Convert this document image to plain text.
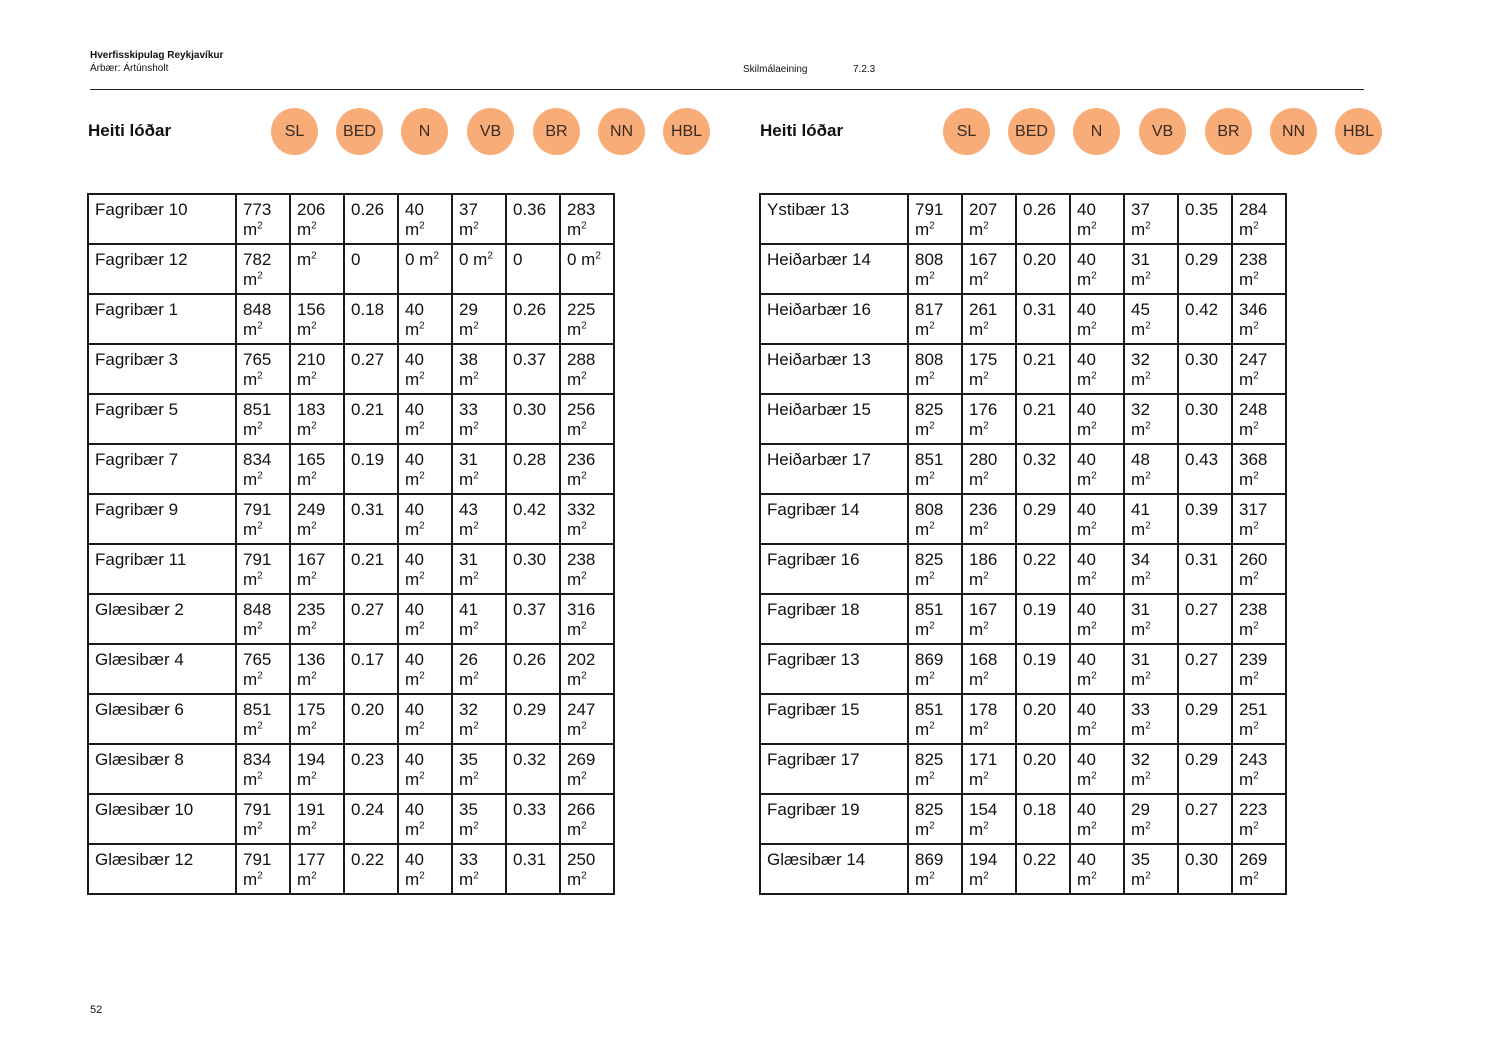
Hverfisskipulag Reykjavíkur
Árbær: Ártúnsholt	Skilmálaeining	7.2.3
Heiti lóðar	SL	BED	N	VB	BR	NN	HBL
Fagribær 10	773 $m^2$	206 $m^2$	0.26	40 $m^2$	37 $m^2$	0.36	283 $m^2$
Fagribær 12	782 $m^2$	$m^2$	0	0 $m^2$	0 $m^2$	0	0 $m^2$
Fagribær 1	848 $m^2$	156 $m^2$	0.18	40 $m^2$	29 $m^2$	0.26	225 $m^2$
Fagribær 3	765 $m^2$	210 $m^2$	0.27	40 $m^2$	38 $m^2$	0.37	288 $m^2$
Fagribær 5	851 $m^2$	183 $m^2$	0.21	40 $m^2$	33 $m^2$	0.30	256 $m^2$
Fagribær 7	834 $m^2$	165 $m^2$	0.19	40 $m^2$	31 $m^2$	0.28	236 $m^2$
Fagribær 9	791 $m^2$	249 $m^2$	0.31	40 $m^2$	43 $m^2$	0.42	332 $m^2$
Fagribær 11	791 $m^2$	167 $m^2$	0.21	40 $m^2$	31 $m^2$	0.30	238 $m^2$
Glæsibær 2	848 $m^2$	235 $m^2$	0.27	40 $m^2$	41 $m^2$	0.37	316 $m^2$
Glæsibær 4	765 $m^2$	136 $m^2$	0.17	40 $m^2$	26 $m^2$	0.26	202 $m^2$
Glæsibær 6	851 $m^2$	175 $m^2$	0.20	40 $m^2$	32 $m^2$	0.29	247 $m^2$
Glæsibær 8	834 $m^2$	194 $m^2$	0.23	40 $m^2$	35 $m^2$	0.32	269 $m^2$
Glæsibær 10	791 $m^2$	191 $m^2$	0.24	40 $m^2$	35 $m^2$	0.33	266 $m^2$
Glæsibær 12	791 $m^2$	177 $m^2$	0.22	40 $m^2$	33 $m^2$	0.31	250 $m^2$
Heiti lóðar	SL	BED	N	VB	BR	NN	HBL
Ystibær 13	791 $m^2$	207 $m^2$	0.26	40 $m^2$	37 $m^2$	0.35	284 $m^2$
Heiðarbær 14	808 $m^2$	167 $m^2$	0.20	40 $m^2$	31 $m^2$	0.29	238 $m^2$
Heiðarbær 16	817 $m^2$	261 $m^2$	0.31	40 $m^2$	45 $m^2$	0.42	346 $m^2$
Heiðarbær 13	808 $m^2$	175 $m^2$	0.21	40 $m^2$	32 $m^2$	0.30	247 $m^2$
Heiðarbær 15	825 $m^2$	176 $m^2$	0.21	40 $m^2$	32 $m^2$	0.30	248 $m^2$
Heiðarbær 17	851 $m^2$	280 $m^2$	0.32	40 $m^2$	48 $m^2$	0.43	368 $m^2$
Fagribær 14	808 $m^2$	236 $m^2$	0.29	40 $m^2$	41 $m^2$	0.39	317 $m^2$
Fagribær 16	825 $m^2$	186 $m^2$	0.22	40 $m^2$	34 $m^2$	0.31	260 $m^2$
Fagribær 18	851 $m^2$	167 $m^2$	0.19	40 $m^2$	31 $m^2$	0.27	238 $m^2$
Fagribær 13	869 $m^2$	168 $m^2$	0.19	40 $m^2$	31 $m^2$	0.27	239 $m^2$
Fagribær 15	851 $m^2$	178 $m^2$	0.20	40 $m^2$	33 $m^2$	0.29	251 $m^2$
Fagribær 17	825 $m^2$	171 $m^2$	0.20	40 $m^2$	32 $m^2$	0.29	243 $m^2$
Fagribær 19	825 $m^2$	154 $m^2$	0.18	40 $m^2$	29 $m^2$	0.27	223 $m^2$
Glæsibær 14	869 $m^2$	194 $m^2$	0.22	40 $m^2$	35 $m^2$	0.30	269 $m^2$
52
